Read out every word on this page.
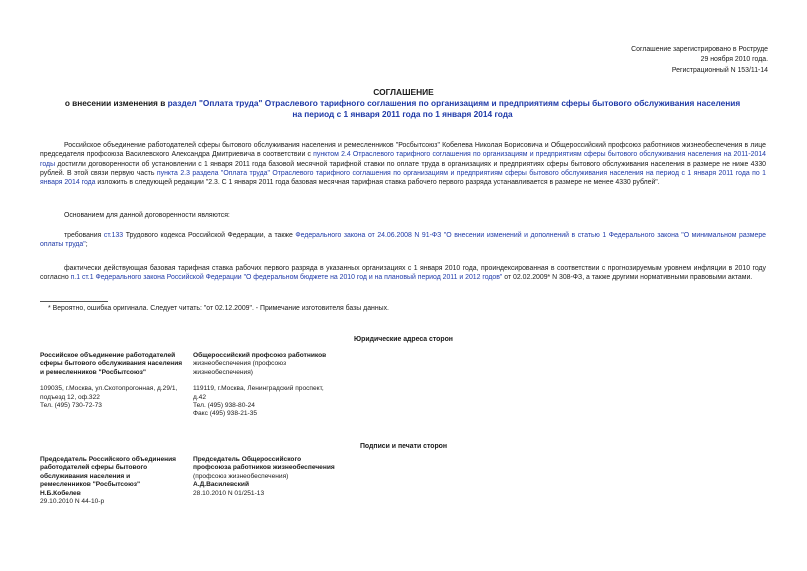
Соглашение зарегистрировано в Рострудe
29 ноября 2010 года.
Регистрационный N 153/11-14
СОГЛАШЕНИЕ
о внесении изменения в раздел "Оплата труда" Отраслевого тарифного соглашения по организациям и предприятиям сферы бытового обслуживания населения
на период с 1 января 2011 года по 1 января 2014 года
Российское объединение работодателей сферы бытового обслуживания населения и ремесленников "Росбытсоюз" Кобелева Николая Борисовича и Общероссийский профсоюз работников жизнеобеспечения в лице председателя профсоюза Василевского Александра Дмитриевича в соответствии с пунктом 2.4 Отраслевого тарифного соглашения по организациям и предприятиям сферы бытового обслуживания населения на 2011-2014 годы достигли договоренности об установлении с 1 января 2011 года базовой месячной тарифной ставки по оплате труда в организациях и предприятиях сферы бытового обслуживания населения в размере не ниже 4330 рублей. В этой связи первую часть пункта 2.3 раздела "Оплата труда" Отраслевого тарифного соглашения по организациям и предприятиям сферы бытового обслуживания населения на период с 1 января 2011 года по 1 января 2014 года изложить в следующей редакции "2.3. С 1 января 2011 года базовая месячная тарифная ставка рабочего первого разряда устанавливается в размере не менее 4330 рублей".
Основанием для данной договоренности являются:
требования ст.133 Трудового кодекса Российской Федерации, а также Федерального закона от 24.06.2008 N 91-ФЗ "О внесении изменений и дополнений в статью 1 Федерального закона "О минимальном размере оплаты труда";
фактически действующая базовая тарифная ставка рабочих первого разряда в указанных организациях с 1 января 2010 года, проиндексированная в соответствии с прогнозируемым уровнем инфляции в 2010 году согласно п.1 ст.1 Федерального закона Российской Федерации "О федеральном бюджете на 2010 год и на плановый период 2011 и 2012 годов" от 02.02.2009* N 308-ФЗ, а также другими нормативными правовыми актами.
* Вероятно, ошибка оригинала. Следует читать: "от 02.12.2009". - Примечание изготовителя базы данных.
Юридические адреса сторон
Российское объединение работодателей
сферы бытового обслуживания населения
и ремесленников "Росбытсоюз"
109035, г.Москва, ул.Скотопрогонная, д.29/1,
подъезд 12, оф.322
Тел. (495) 730-72-73
Общероссийский профсоюз работников
жизнеобеспечения (профсоюз
жизнеобеспечения)
119119, г.Москва, Ленинградский проспект,
д.42
Тел. (495) 938-80-24
Факс (495) 938-21-35
Подписи и печати сторон
Председатель Российского объединения
работодателей сферы бытового
обслуживания населения и
ремесленников "Росбытсоюз"
Н.Б.Кобелев
29.10.2010 N 44-10-р
Председатель Общероссийского
профсоюза работников жизнеобеспечения
(профсоюз жизнеобеспечения)
А.Д.Василевский
28.10.2010 N 01/251-13
